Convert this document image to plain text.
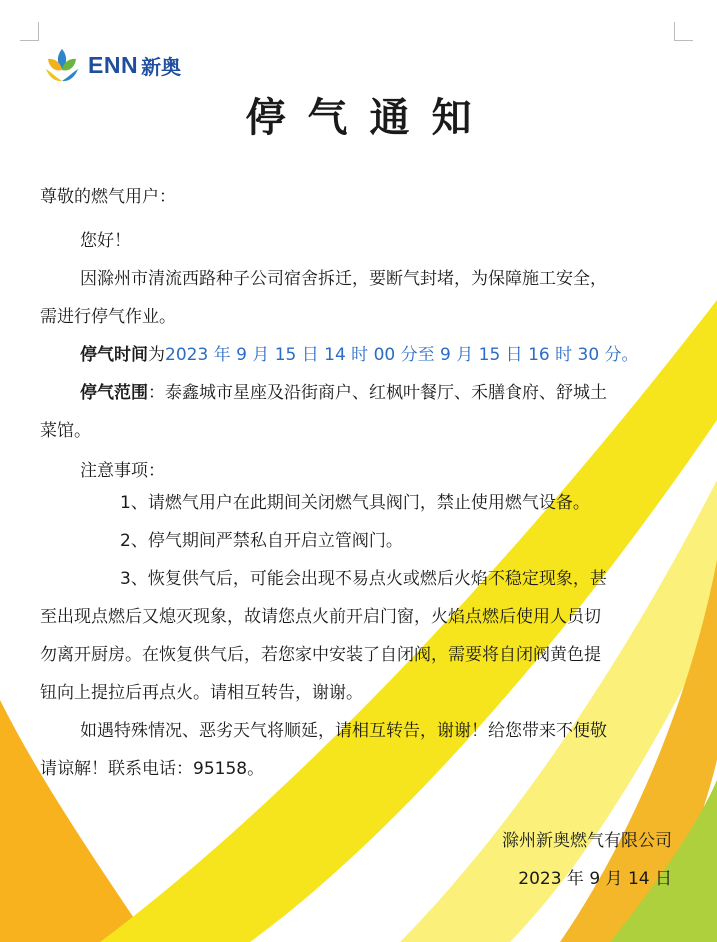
ENN 新奥
停气通知
尊敬的燃气用户：
您好！
因滁州市清流西路种子公司宿舍拆迁，要断气封堵，为保障施工安全，
需进行停气作业。
停气时间为2023 年 9 月 15 日 14 时 00 分至 9 月 15 日 16 时 30 分。
停气范围：泰鑫城市星座及沿街商户、红枫叶餐厅、禾膳食府、舒城土
菜馆。
注意事项：
1、请燃气用户在此期间关闭燃气具阀门，禁止使用燃气设备。
2、停气期间严禁私自开启立管阀门。
3、恢复供气后，可能会出现不易点火或燃后火焰不稳定现象，甚
至出现点燃后又熄灭现象，故请您点火前开启门窗，火焰点燃后使用人员切
勿离开厨房。在恢复供气后，若您家中安装了自闭阀，需要将自闭阀黄色提
钮向上提拉后再点火。请相互转告，谢谢。
如遇特殊情况、恶劣天气将顺延，请相互转告，谢谢！给您带来不便敬
请谅解！联系电话：95158。
滁州新奥燃气有限公司
2023 年 9 月 14 日
